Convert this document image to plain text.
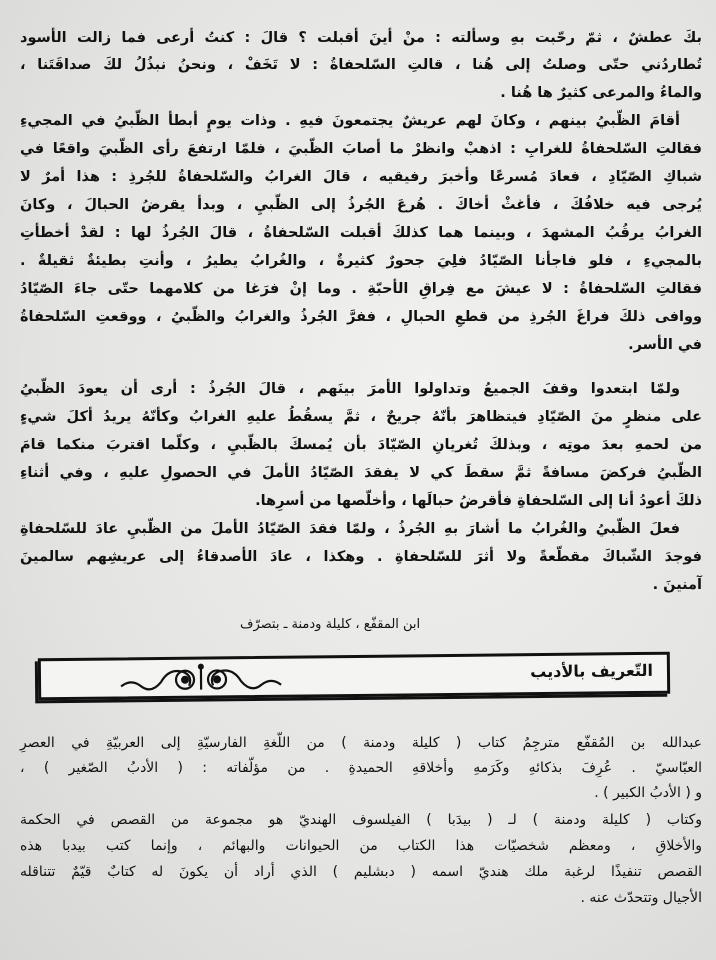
بكَ عطشٌ ، ثمّ رحّبت بهِ وسألته : منْ أينَ أقبلت ؟ قالَ : كنتُ أرعى فما زالت الأسود
تُطاردُني حتّى وصلتُ إلى هُنا ، قالتِ السّلحفاةُ : لا تَخَفْ ، ونحنُ نبذُلُ لكَ صداقَتَنا ،
والماءُ والمرعى كثيرٌ ها هُنا .
أقامَ الظّبيُ بينهم ، وكانَ لهم عريشٌ يجتمعونَ فيهِ . وذات يومٍ أبطأ الظّبيُ في المجيءِ
فقالتِ السّلحفاةُ للغرابِ : اذهبْ وانظرْ ما أصابَ الظّبيَ ، فلمّا ارتفعَ رأى الظّبيَ واقعًا في
شباكِ الصّيّادِ ، فعادَ مُسرعًا وأخبرَ رفيقيه ، قالَ الغرابُ والسّلحفاةُ للجُرذِ : هذا أمرٌ لا
يُرجى فيه خلافُكَ ، فأغثْ أخاكَ . هُرعَ الجُرذُ إلى الظّبيِ ، وبدأ يقرضُ الحبالَ ، وكانَ
الغرابُ يرقُبُ المشهدَ ، وبينما هما كذلكَ أقبلت السّلحفاةُ ، قالَ الجُرذُ لها : لقدْ أخطأتِ
بالمجيءِ ، فلو فاجأنا الصّيّادُ فلِيَ جحورٌ كثيرةٌ ، والغُرابُ يطيرُ ، وأنتِ بطيئةٌ ثقيلةٌ .
فقالتِ السّلحفاةُ : لا عيشَ مع فِراقِ الأحبّةِ . وما إنْ فرَغا من كلامهما حتّى جاءَ الصّيّادُ
ووافى ذلكَ فراغَ الجُرذِ من قطعِ الحبالِ ، ففرَّ الجُرذُ والغرابُ والظّبيُ ، ووقعتِ السّلحفاةُ
في الأسر.
ولمّا ابتعدوا وقفَ الجميعُ وتداولوا الأمرَ بينَهم ، قالَ الجُرذُ : أرى أن يعودَ الظّبيُ
على منظرٍ منَ الصّيّادِ فيتظاهرَ بأنّهُ جريحٌ ، ثمَّ يسقُطُ عليهِ الغرابُ وكأنّهُ يريدُ أكلَ شيءٍ
من لحمهِ بعدَ موتِه ، وبذلكَ تُغريانِ الصّيّادَ بأن يُمسكَ بالظّبيِ ، وكلّما اقتربَ منكما قامَ
الظّبيُ فركضَ مسافةً ثمَّ سقطَ كي لا يفقدَ الصّيّادُ الأملَ في الحصولِ عليهِ ، وفي أثناءِ
ذلكَ أعودُ أنا إلى السّلحفاةِ فأقرضُ حبالَها ، وأخلّصها من أسرِها.
فعلَ الظّبيُ والغُرابُ ما أشارَ بهِ الجُرذُ ، ولمّا فقدَ الصّيّادُ الأملَ من الظّبيِ عادَ للسّلحفاةِ
فوجدَ الشّباكَ مقطّعةً ولا أثرَ للسّلحفاةِ . وهكذا ، عادَ الأصدقاءُ إلى عريشِهم سالمينَ
آمنينَ .
ابن المقفّع ، كليلة ودمنة ـ بتصرّف
التّعريف بالأديب
عبدالله بن المُقفّع مترجِمُ كتاب ( كليلة ودمنة ) من اللّغةِ الفارسيّةِ إلى العربيّةِ في العصرِ
العبّاسيّ . عُرِفَ بذكائهِ وكَرَمهِ وأخلاقهِ الحميدةِ . من مؤلّفاته : ( الأدبُ الصّغير ) ،
و ( الأدبُ الكبير ) .
وكتاب ( كليلة ودمنة ) لـ ( بيدَبا ) الفيلسوف الهنديّ هو مجموعة من القصص في الحكمة
والأخلاقِ ، ومعظم شخصيّات هذا الكتاب من الحيوانات والبهائم ، وإنما كتب بيدبا هذه
القصص تنفيذًا لرغبة ملك هنديّ اسمه ( دبشليم ) الذي أراد أن يكونَ له كتابٌ قيّمٌ تتناقله
الأجيال وتتحدّث عنه .
